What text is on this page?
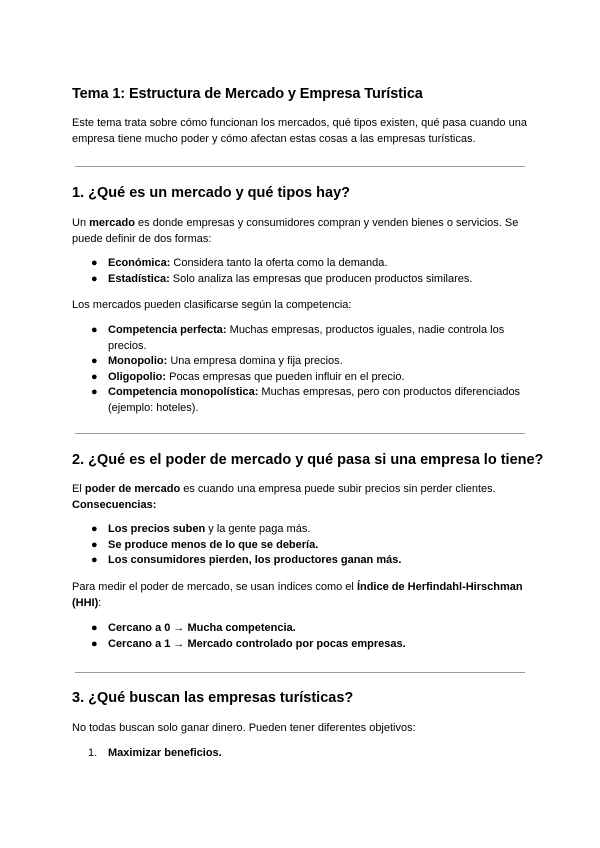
Tema 1: Estructura de Mercado y Empresa Turística

Este tema trata sobre cómo funcionan los mercados, qué tipos existen, qué pasa cuando una empresa tiene mucho poder y cómo afectan estas cosas a las empresas turísticas.

1. ¿Qué es un mercado y qué tipos hay?

Un mercado es donde empresas y consumidores compran y venden bienes o servicios. Se puede definir de dos formas:

● Económica: Considera tanto la oferta como la demanda.
● Estadística: Solo analiza las empresas que producen productos similares.

Los mercados pueden clasificarse según la competencia:

● Competencia perfecta: Muchas empresas, productos iguales, nadie controla los precios.
● Monopolio: Una empresa domina y fija precios.
● Oligopolio: Pocas empresas que pueden influir en el precio.
● Competencia monopolística: Muchas empresas, pero con productos diferenciados (ejemplo: hoteles).
2. ¿Qué es el poder de mercado y qué pasa si una empresa lo tiene?

El poder de mercado es cuando una empresa puede subir precios sin perder clientes.
Consecuencias:

● Los precios suben y la gente paga más.
● Se produce menos de lo que se debería.
● Los consumidores pierden, los productores ganan más.

Para medir el poder de mercado, se usan índices como el Índice de Herfindahl-Hirschman (HHI):

● Cercano a 0 → Mucha competencia.
● Cercano a 1 → Mercado controlado por pocas empresas.
3. ¿Qué buscan las empresas turísticas?

No todas buscan solo ganar dinero. Pueden tener diferentes objetivos:

1. Maximizar beneficios.
